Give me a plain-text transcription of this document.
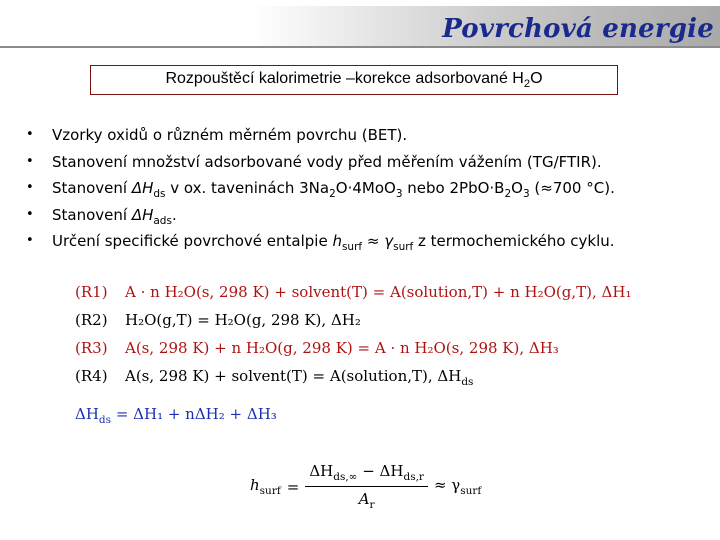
Povrchová energie
Rozpouštěcí kalorimetrie –korekce adsorbované $H_2O$
• Vzorky oxidů o různém měrném povrchu (BET).
• Stanovení množství adsorbované vody před měřením vážením (TG/FTIR).
• Stanovení $\Delta H_{ds}$ v ox. taveninách $3Na_2O\cdot 4MoO_3$ nebo $2PbO\cdot B_2O_3$ (≈700 °C).
• Stanovení $\Delta H_{ads}$.
• Určení specifické povrchové entalpie $h_{surf} \approx \gamma_{surf}$ z termochemického cyklu.
(R1) A · n H₂O(s, 298 K) + solvent(T) = A(solution,T) + n H₂O(g,T), ΔH₁
(R2) H₂O(g,T) = H₂O(g, 298 K), ΔH₂
(R3) A(s, 298 K) + n H₂O(g, 298 K) = A · n H₂O(s, 298 K), ΔH₃
(R4) A(s, 298 K) + solvent(T) = A(solution,T), $\Delta H_{ds}$
$\Delta H_{ds} = \Delta H_1 + n\Delta H_2 + \Delta H_3$
$h_{surf} = \frac{\Delta H_{ds,\infty} - \Delta H_{ds,r}}{A_r} \approx \gamma_{surf}$
